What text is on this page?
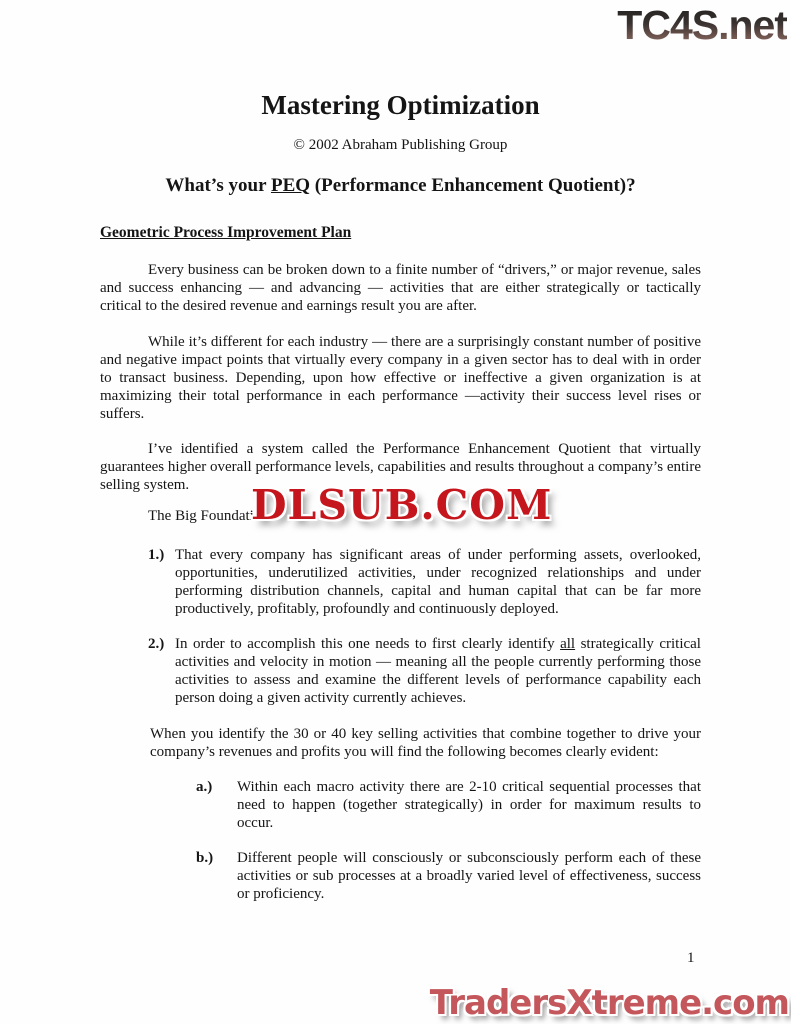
TC4S.net
Mastering Optimization
© 2002 Abraham Publishing Group
What’s your PEQ (Performance Enhancement Quotient)?
Geometric Process Improvement Plan

Every business can be broken down to a finite number of “drivers,” or major revenue, sales and success enhancing — and advancing — activities that are either strategically or tactically critical to the desired revenue and earnings result you are after.

While it’s different for each industry — there are a surprisingly constant number of positive and negative impact points that virtually every company in a given sector has to deal with in order to transact business. Depending, upon how effective or ineffective a given organization is at maximizing their total performance in each performance —activity their success level rises or suffers.

I’ve identified a system called the Performance Enhancement Quotient that virtually guarantees higher overall performance levels, capabilities and results throughout a company’s entire selling system.

The Big Foundati

1.) That every company has significant areas of under performing assets, overlooked, opportunities, underutilized activities, under recognized relationships and under performing distribution channels, capital and human capital that can be far more productively, profitably, profoundly and continuously deployed.
2.) In order to accomplish this one needs to first clearly identify all strategically critical activities and velocity in motion — meaning all the people currently performing those activities to assess and examine the different levels of performance capability each person doing a given activity currently achieves.

When you identify the 30 or 40 key selling activities that combine together to drive your company’s revenues and profits you will find the following becomes clearly evident:

a.)	Within each macro activity there are 2-10 critical sequential processes that need to happen (together strategically) in order for maximum results to occur.
b.)	Different people will consciously or subconsciously perform each of these activities or sub processes at a broadly varied level of effectiveness, success or proficiency.
DLSUB.COM
1
TradersXtreme.com
